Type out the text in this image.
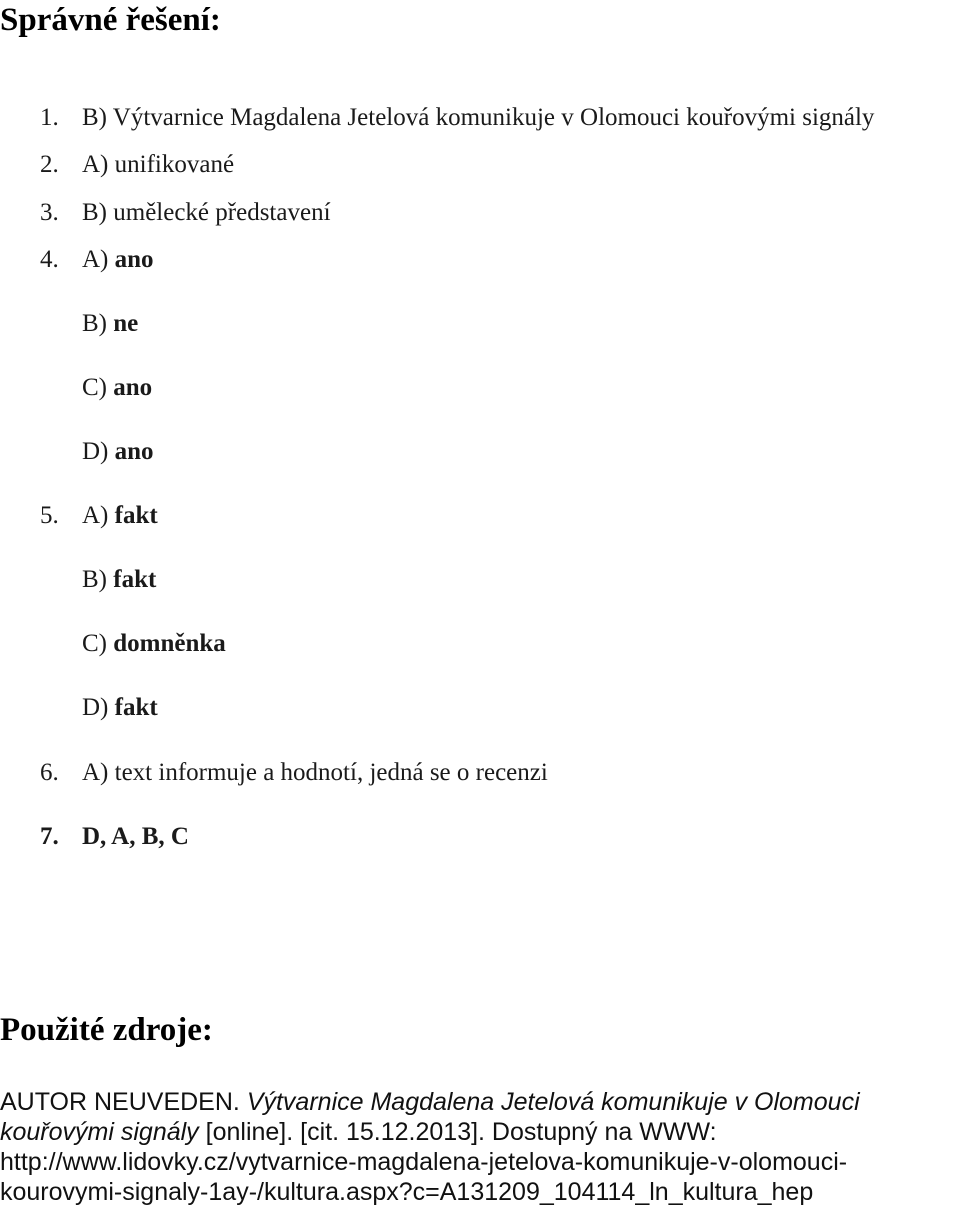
Správné řešení:
1. B) Výtvarnice Magdalena Jetelová komunikuje v Olomouci kouřovými signály
2. A) unifikované
3. B) umělecké představení
4. A) ano
B) ne
C) ano
D) ano
5. A) fakt
B) fakt
C) domněnka
D) fakt
6. A) text informuje a hodnotí, jedná se o recenzi
7. D, A, B, C
Použité zdroje:
AUTOR NEUVEDEN. Výtvarnice Magdalena Jetelová komunikuje v Olomouci
kouřovými signály [online]. [cit. 15.12.2013]. Dostupný na WWW:
http://www.lidovky.cz/vytvarnice-magdalena-jetelova-komunikuje-v-olomouci-
kourovymi-signaly-1ay-/kultura.aspx?c=A131209_104114_ln_kultura_hep
